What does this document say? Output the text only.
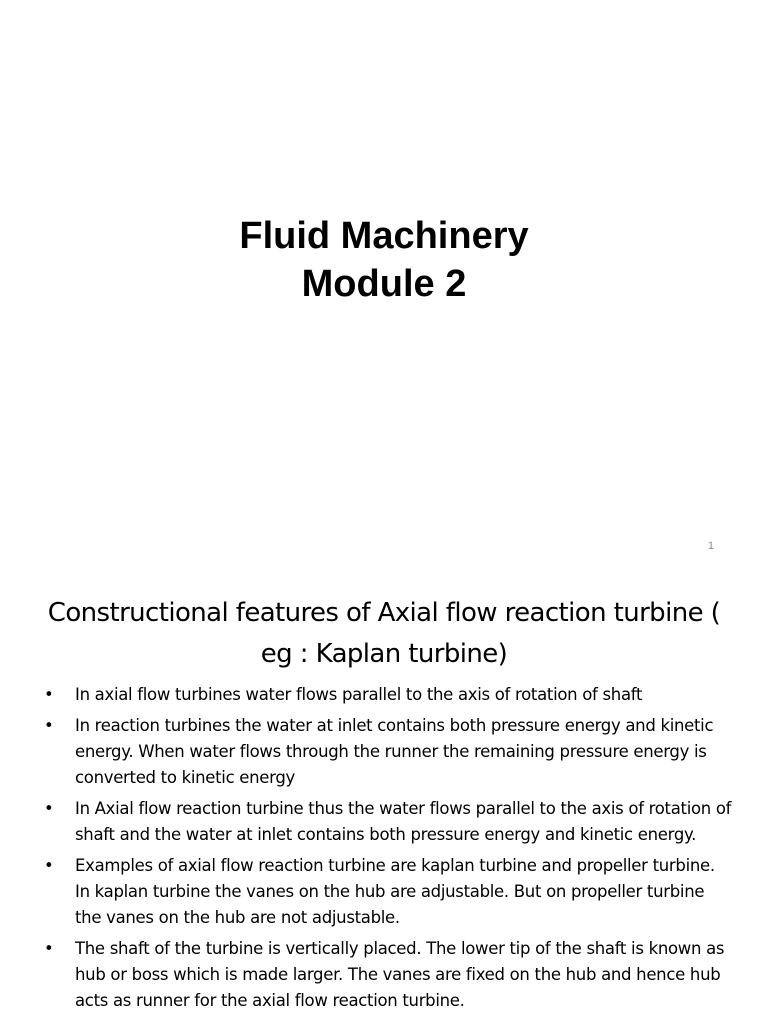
Fluid Machinery
Module 2
1
Constructional features of Axial flow reaction turbine ( eg : Kaplan turbine)
• In axial flow turbines water flows parallel to the axis of rotation of shaft
• In reaction turbines the water at inlet contains both pressure energy and kinetic energy. When water flows through the runner the remaining pressure energy is converted to kinetic energy
• In Axial flow reaction turbine thus the water flows parallel to the axis of rotation of shaft and the water at inlet contains both pressure energy and kinetic energy.
• Examples of axial flow reaction turbine are kaplan turbine and propeller turbine. In kaplan turbine the vanes on the hub are adjustable. But on propeller turbine the vanes on the hub are not adjustable.
• The shaft of the turbine is vertically placed. The lower tip of the shaft is known as hub or boss which is made larger. The vanes are fixed on the hub and hence hub acts as runner for the axial flow reaction turbine.
